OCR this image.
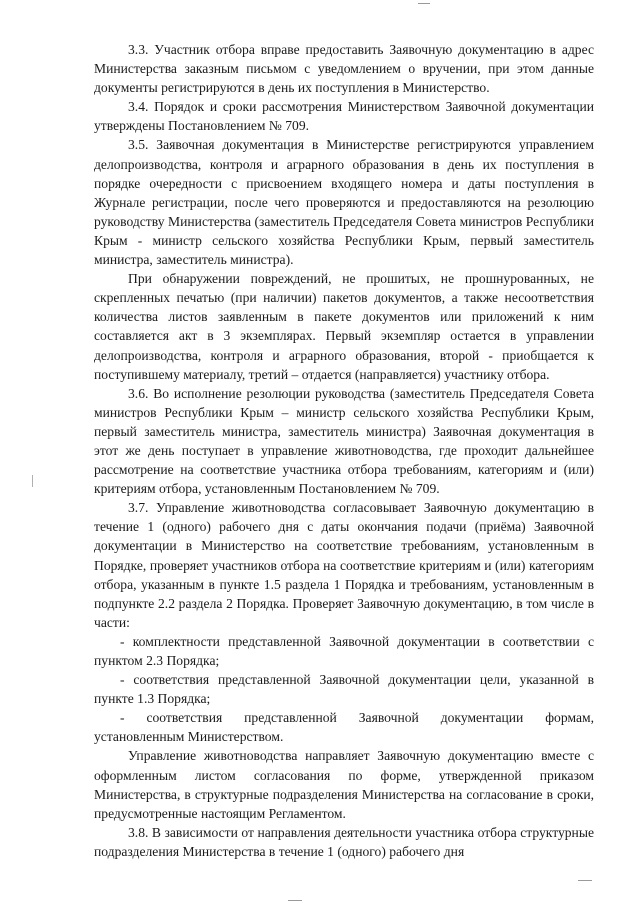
3.3. Участник отбора вправе предоставить Заявочную документацию в адрес Министерства заказным письмом с уведомлением о вручении, при этом данные документы регистрируются в день их поступления в Министерство.

3.4. Порядок и сроки рассмотрения Министерством Заявочной документации утверждены Постановлением № 709.

3.5. Заявочная документация в Министерстве регистрируются управлением делопроизводства, контроля и аграрного образования в день их поступления в порядке очередности с присвоением входящего номера и даты поступления в Журнале регистрации, после чего проверяются и предоставляются на резолюцию руководству Министерства (заместитель Председателя Совета министров Республики Крым - министр сельского хозяйства Республики Крым, первый заместитель министра, заместитель министра).

При обнаружении повреждений, не прошитых, не прошнурованных, не скрепленных печатью (при наличии) пакетов документов, а также несоответствия количества листов заявленным в пакете документов или приложений к ним составляется акт в 3 экземплярах. Первый экземпляр остается в управлении делопроизводства, контроля и аграрного образования, второй - приобщается к поступившему материалу, третий – отдается (направляется) участнику отбора.

3.6. Во исполнение резолюции руководства (заместитель Председателя Совета министров Республики Крым – министр сельского хозяйства Республики Крым, первый заместитель министра, заместитель министра) Заявочная документация в этот же день поступает в управление животноводства, где проходит дальнейшее рассмотрение на соответствие участника отбора требованиям, категориям и (или) критериям отбора, установленным Постановлением № 709.

3.7. Управление животноводства согласовывает Заявочную документацию в течение 1 (одного) рабочего дня с даты окончания подачи (приёма) Заявочной документации в Министерство на соответствие требованиям, установленным в Порядке, проверяет участников отбора на соответствие критериям и (или) категориям отбора, указанным в пункте 1.5 раздела 1 Порядка и требованиям, установленным в подпункте 2.2 раздела 2 Порядка. Проверяет Заявочную документацию, в том числе в части:

- комплектности представленной Заявочной документации в соответствии с пунктом 2.3 Порядка;

- соответствия представленной Заявочной документации цели, указанной в пункте 1.3 Порядка;

- соответствия представленной Заявочной документации формам, установленным Министерством.

Управление животноводства направляет Заявочную документацию вместе с оформленным листом согласования по форме, утвержденной приказом Министерства, в структурные подразделения Министерства на согласование в сроки, предусмотренные настоящим Регламентом.

3.8. В зависимости от направления деятельности участника отбора структурные подразделения Министерства в течение 1 (одного) рабочего дня
